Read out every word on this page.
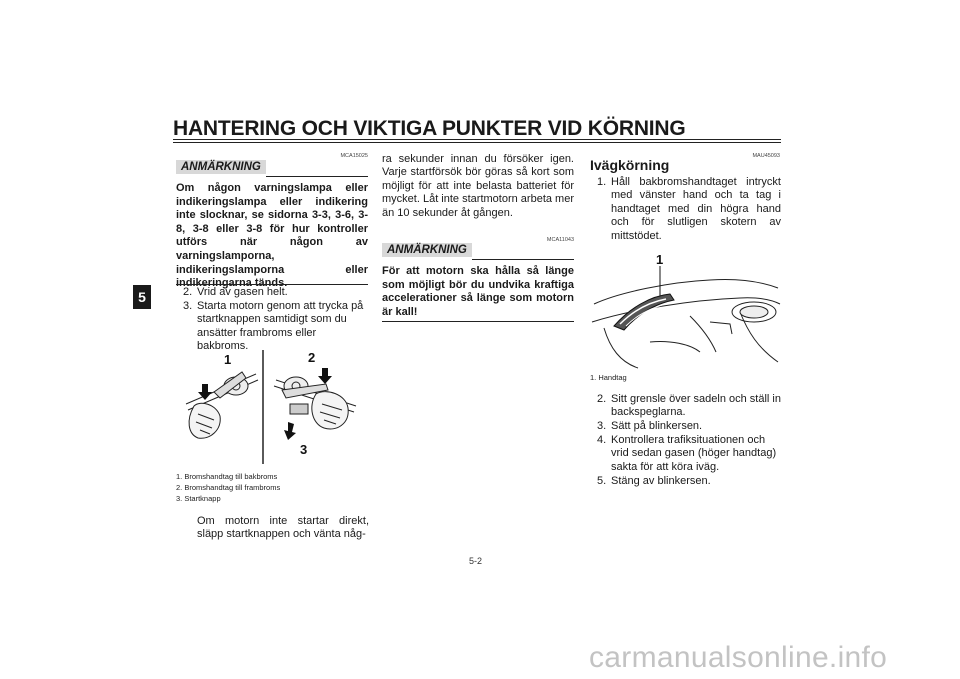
HANTERING OCH VIKTIGA PUNKTER VID KÖRNING
5
MCA15025
ANMÄRKNING
Om någon varningslampa eller indikeringslampa eller indikering inte slocknar, se sidorna 3-3, 3-6, 3-8, 3-8 eller 3-8 för hur kontroller utförs när någon av varningslamporna, indikeringslamporna eller indikeringarna tänds.
2. Vrid av gasen helt.
3. Starta motorn genom att trycka på startknappen samtidigt som du ansätter frambroms eller bakbroms.
1	2
3
1. Bromshandtag till bakbroms
2. Bromshandtag till frambroms
3. Startknapp
Om motorn inte startar direkt, släpp startknappen och vänta någ-
ra sekunder innan du försöker igen. Varje startförsök bör göras så kort som möjligt för att inte belasta batteriet för mycket. Låt inte startmotorn arbeta mer än 10 sekunder åt gången.
MCA11043
ANMÄRKNING
För att motorn ska hålla så länge som möjligt bör du undvika kraftiga accelerationer så länge som motorn är kall!
MAU45093
Ivägkörning
1. Håll bakbromshandtaget intryckt med vänster hand och ta tag i handtaget med din högra hand och för slutligen skotern av mittstödet.
1
1. Handtag
2. Sitt grensle över sadeln och ställ in backspeglarna.
3. Sätt på blinkersen.
4. Kontrollera trafiksituationen och vrid sedan gasen (höger handtag) sakta för att köra iväg.
5. Stäng av blinkersen.
5-2
carmanualsonline.info
